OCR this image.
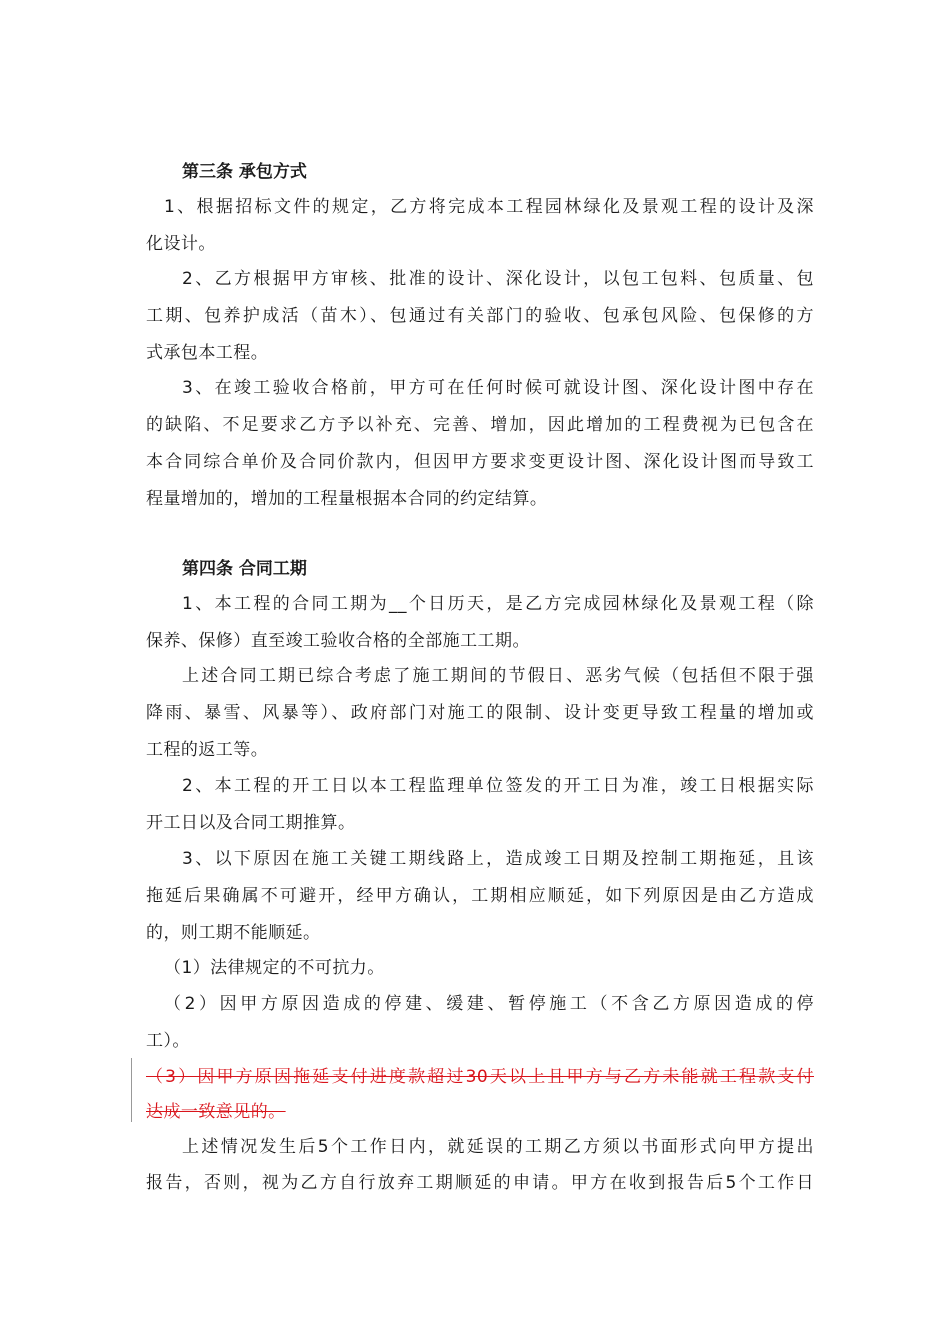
第三条 承包方式
1、根据招标文件的规定，乙方将完成本工程园林绿化及景观工程的设计及深
化设计。
2、乙方根据甲方审核、批准的设计、深化设计，以包工包料、包质量、包
工期、包养护成活（苗木）、包通过有关部门的验收、包承包风险、包保修的方
式承包本工程。
3、在竣工验收合格前，甲方可在任何时候可就设计图、深化设计图中存在
的缺陷、不足要求乙方予以补充、完善、增加，因此增加的工程费视为已包含在
本合同综合单价及合同价款内，但因甲方要求变更设计图、深化设计图而导致工
程量增加的，增加的工程量根据本合同的约定结算。
第四条 合同工期
1、本工程的合同工期为__个日历天，是乙方完成园林绿化及景观工程（除
保养、保修）直至竣工验收合格的全部施工工期。
上述合同工期已综合考虑了施工期间的节假日、恶劣气候（包括但不限于强
降雨、暴雪、风暴等）、政府部门对施工的限制、设计变更导致工程量的增加或
工程的返工等。
2、本工程的开工日以本工程监理单位签发的开工日为准，竣工日根据实际
开工日以及合同工期推算。
3、以下原因在施工关键工期线路上，造成竣工日期及控制工期拖延，且该
拖延后果确属不可避开，经甲方确认，工期相应顺延，如下列原因是由乙方造成
的，则工期不能顺延。
（1）法律规定的不可抗力。
（2）因甲方原因造成的停建、缓建、暂停施工（不含乙方原因造成的停
工）。
（3）因甲方原因拖延支付进度款超过30天以上且甲方与乙方未能就工程款支付
达成一致意见的。
上述情况发生后5个工作日内，就延误的工期乙方须以书面形式向甲方提出
报告，否则，视为乙方自行放弃工期顺延的申请。甲方在收到报告后5个工作日
